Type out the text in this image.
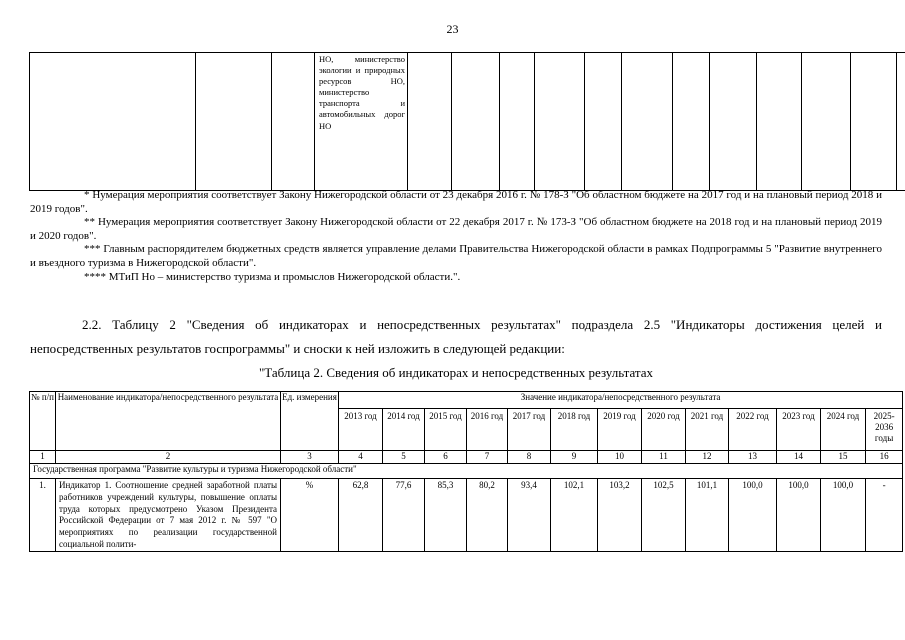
23
			НО, министерство экологии и природных ресурсов НО, министерство транспорта и автомобильных дорог НО												

* Нумерация мероприятия соответствует Закону Нижегородской области от 23 декабря 2016 г. № 178-З "Об областном бюджете на 2017 год и на плановый период 2018 и 2019 годов".

** Нумерация мероприятия соответствует Закону Нижегородской области от 22 декабря 2017 г. № 173-З "Об областном бюджете на 2018 год и на плановый период 2019 и 2020 годов".

*** Главным распорядителем бюджетных средств является управление делами Правительства Нижегородской области в рамках Подпрограммы 5 "Развитие внутреннего и въездного туризма в Нижегородской области".

**** МТиП Но – министерство туризма и промыслов Нижегородской области.".

2.2. Таблицу 2 "Сведения об индикаторах и непосредственных результатах" подраздела 2.5 "Индикаторы достижения целей и непосредственных результатов госпрограммы" и сноски к ней изложить в следующей редакции:

"Таблица 2. Сведения об индикаторах и непосредственных результатах
№ п/п	Наименование индикатора/непосредственного результата	Ед. измерения	Значение индикатора/непосредственного результата												
			2013 год	2014 год	2015 год	2016 год	2017 год	2018 год	2019 год	2020 год	2021 год	2022 год	2023 год	2024 год	2025-2036 годы
1	2	3	4	5	6	7	8	9	10	11	12	13	14	15	16
Государственная программа "Развитие культуры и туризма Нижегородской области"															
1.	Индикатор 1. Соотношение средней заработной платы работников учреждений культуры, повышение оплаты труда которых предусмотрено Указом Президента Российской Федерации от 7 мая 2012 г. № 597 "О мероприятиях по реализации государственной социальной полити-	%	62,8	77,6	85,3	80,2	93,4	102,1	103,2	102,5	101,1	100,0	100,0	100,0	-
